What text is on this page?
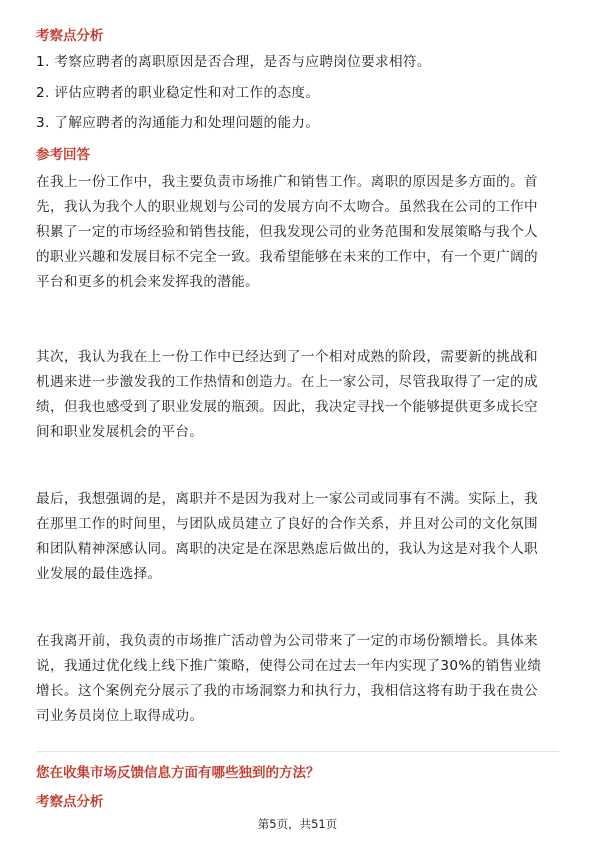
考察点分析
1. 考察应聘者的离职原因是否合理，是否与应聘岗位要求相符。
2. 评估应聘者的职业稳定性和对工作的态度。
3. 了解应聘者的沟通能力和处理问题的能力。
参考回答
在我上一份工作中，我主要负责市场推广和销售工作。离职的原因是多方面的。首
先，我认为我个人的职业规划与公司的发展方向不太吻合。虽然我在公司的工作中
积累了一定的市场经验和销售技能，但我发现公司的业务范围和发展策略与我个人
的职业兴趣和发展目标不完全一致。我希望能够在未来的工作中，有一个更广阔的
平台和更多的机会来发挥我的潜能。
其次，我认为我在上一份工作中已经达到了一个相对成熟的阶段，需要新的挑战和
机遇来进一步激发我的工作热情和创造力。在上一家公司，尽管我取得了一定的成
绩，但我也感受到了职业发展的瓶颈。因此，我决定寻找一个能够提供更多成长空
间和职业发展机会的平台。
最后，我想强调的是，离职并不是因为我对上一家公司或同事有不满。实际上，我
在那里工作的时间里，与团队成员建立了良好的合作关系，并且对公司的文化氛围
和团队精神深感认同。离职的决定是在深思熟虑后做出的，我认为这是对我个人职
业发展的最佳选择。
在我离开前，我负责的市场推广活动曾为公司带来了一定的市场份额增长。具体来
说，我通过优化线上线下推广策略，使得公司在过去一年内实现了30%的销售业绩
增长。这个案例充分展示了我的市场洞察力和执行力，我相信这将有助于我在贵公
司业务员岗位上取得成功。
您在收集市场反馈信息方面有哪些独到的方法？
考察点分析
第5页，共51页
